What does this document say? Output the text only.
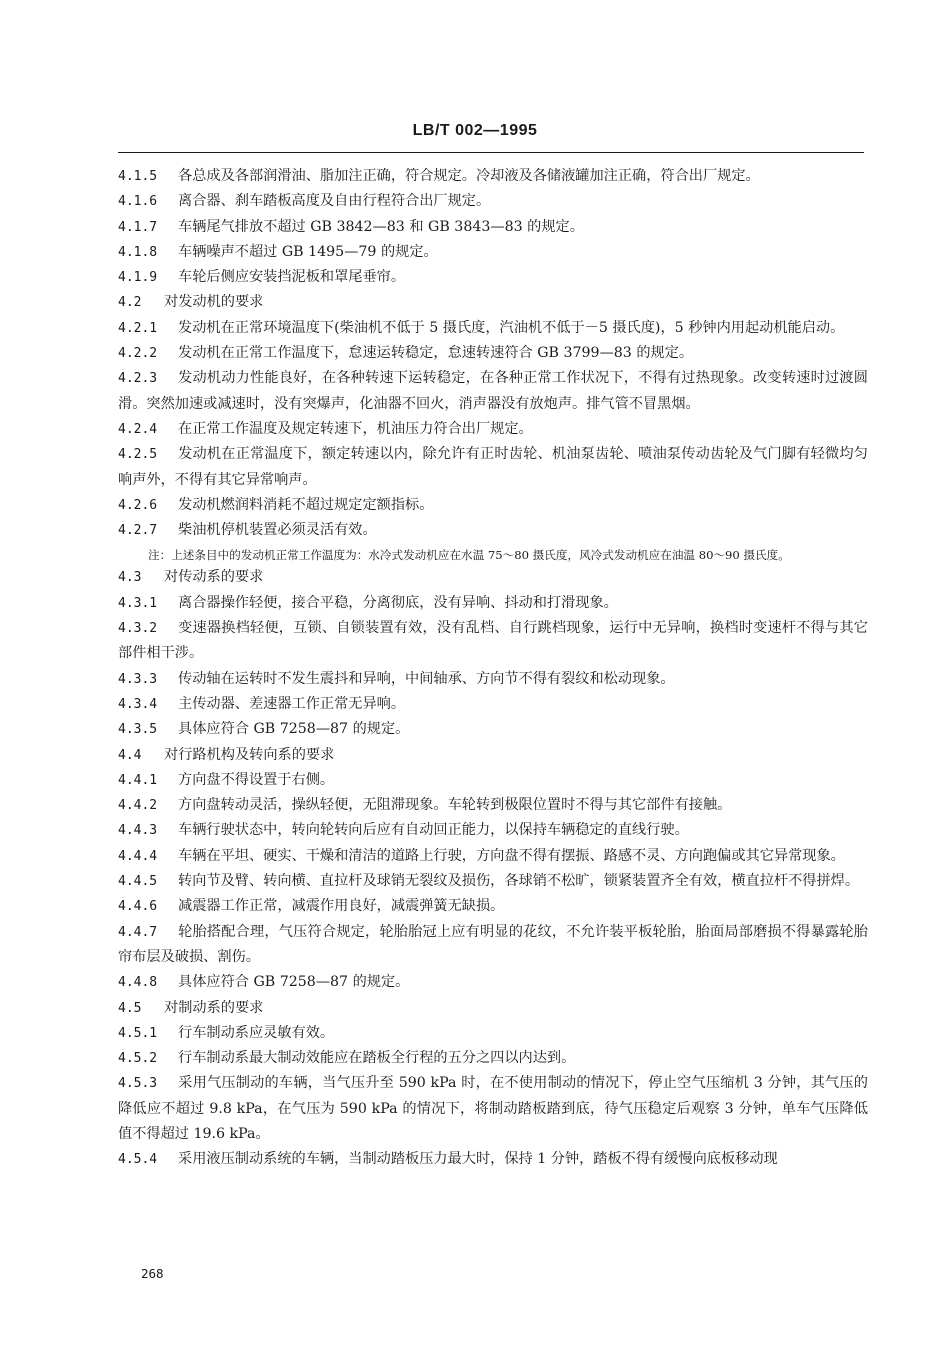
LB/T 002—1995

4.1.5 各总成及各部润滑油、脂加注正确，符合规定。冷却液及各储液罐加注正确，符合出厂规定。

4.1.6 离合器、刹车踏板高度及自由行程符合出厂规定。

4.1.7 车辆尾气排放不超过 GB 3842—83 和 GB 3843—83 的规定。

4.1.8 车辆噪声不超过 GB 1495—79 的规定。

4.1.9 车轮后侧应安装挡泥板和罩尾垂帘。

4.2 对发动机的要求

4.2.1 发动机在正常环境温度下(柴油机不低于 5 摄氏度，汽油机不低于－5 摄氏度)，5 秒钟内用起动机能启动。

4.2.2 发动机在正常工作温度下，怠速运转稳定，怠速转速符合 GB 3799—83 的规定。

4.2.3 发动机动力性能良好，在各种转速下运转稳定，在各种正常工作状况下，不得有过热现象。改变转速时过渡圆滑。突然加速或减速时，没有突爆声，化油器不回火，消声器没有放炮声。排气管不冒黑烟。

4.2.4 在正常工作温度及规定转速下，机油压力符合出厂规定。

4.2.5 发动机在正常温度下，额定转速以内，除允许有正时齿轮、机油泵齿轮、喷油泵传动齿轮及气门脚有轻微均匀响声外，不得有其它异常响声。

4.2.6 发动机燃润料消耗不超过规定定额指标。

4.2.7 柴油机停机装置必须灵活有效。

注：上述条目中的发动机正常工作温度为：水冷式发动机应在水温 75～80 摄氏度，风冷式发动机应在油温 80～90 摄氏度。

4.3 对传动系的要求

4.3.1 离合器操作轻便，接合平稳，分离彻底，没有异响、抖动和打滑现象。

4.3.2 变速器换档轻便，互锁、自锁装置有效，没有乱档、自行跳档现象，运行中无异响，换档时变速杆不得与其它部件相干涉。

4.3.3 传动轴在运转时不发生震抖和异响，中间轴承、方向节不得有裂纹和松动现象。

4.3.4 主传动器、差速器工作正常无异响。

4.3.5 具体应符合 GB 7258—87 的规定。

4.4 对行路机构及转向系的要求

4.4.1 方向盘不得设置于右侧。

4.4.2 方向盘转动灵活，操纵轻便，无阻滞现象。车轮转到极限位置时不得与其它部件有接触。

4.4.3 车辆行驶状态中，转向轮转向后应有自动回正能力，以保持车辆稳定的直线行驶。

4.4.4 车辆在平坦、硬实、干燥和清洁的道路上行驶，方向盘不得有摆振、路感不灵、方向跑偏或其它异常现象。

4.4.5 转向节及臂、转向横、直拉杆及球销无裂纹及损伤，各球销不松旷，锁紧装置齐全有效，横直拉杆不得拼焊。

4.4.6 减震器工作正常，减震作用良好，减震弹簧无缺损。

4.4.7 轮胎搭配合理，气压符合规定，轮胎胎冠上应有明显的花纹，不允许装平板轮胎，胎面局部磨损不得暴露轮胎帘布层及破损、割伤。

4.4.8 具体应符合 GB 7258—87 的规定。

4.5 对制动系的要求

4.5.1 行车制动系应灵敏有效。

4.5.2 行车制动系最大制动效能应在踏板全行程的五分之四以内达到。

4.5.3 采用气压制动的车辆，当气压升至 590 kPa 时，在不使用制动的情况下，停止空气压缩机 3 分钟，其气压的降低应不超过 9.8 kPa，在气压为 590 kPa 的情况下，将制动踏板踏到底，待气压稳定后观察 3 分钟，单车气压降低值不得超过 19.6 kPa。

4.5.4 采用液压制动系统的车辆，当制动踏板压力最大时，保持 1 分钟，踏板不得有缓慢向底板移动现

268
